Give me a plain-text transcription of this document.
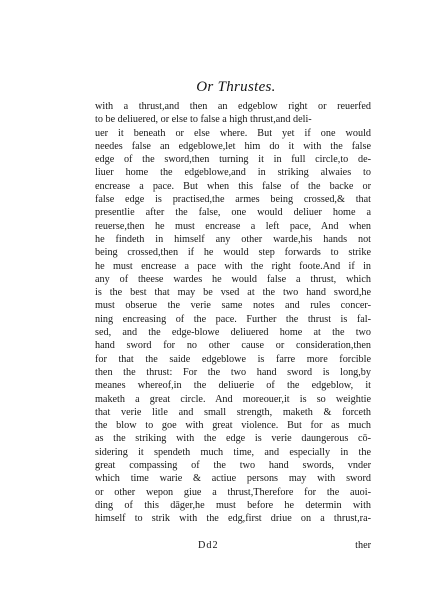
Or Thrustes.
with a thrust,and then an edgeblow right or reuerfed
to be deliuered, or else to false a high thrust,and deli-
uer it beneath or else where. But yet if one would
needes false an edgeblowe,let him do it with the false
edge of the sword,then turning it in full circle,to de-
liuer home the edgeblowe,and in striking alwaies to
encrease a pace. But when this false of the backe or
false edge is practised,the armes being crossed,& that
presentlie after the false, one would deliuer home a
reuerse,then he must encrease a left pace, And when
he findeth in himself any other warde,his hands not
being crossed,then if he would step forwards to strike
he must encrease a pace with the right foote.And if in
any of theese wardes he would false a thrust, which
is the best that may be vsed at the two hand sword,he
must obserue the verie same notes and rules concer-
ning encreasing of the pace. Further the thrust is fal-
sed, and the edge-blowe deliuered home at the two
hand sword for no other cause or consideration,then
for that the saide edgeblowe is farre more forcible
then the thrust: For the two hand sword is long,by
meanes whereof,in the deliuerie of the edgeblow, it
maketh a great circle. And moreouer,it is so weightie
that verie litle and small strength, maketh & forceth
the blow to goe with great violence. But for as much
as the striking with the edge is verie daungerous cō-
sidering it spendeth much time, and especially in the
great compassing of the two hand swords, vnder
which time warie & actiue persons may with sword
or other wepon giue a thrust,Therefore for the auoi-
ding of this dāger,he must before he determin with
himself to strik with the edg,first driue on a thrust,ra-
Dd2	ther
